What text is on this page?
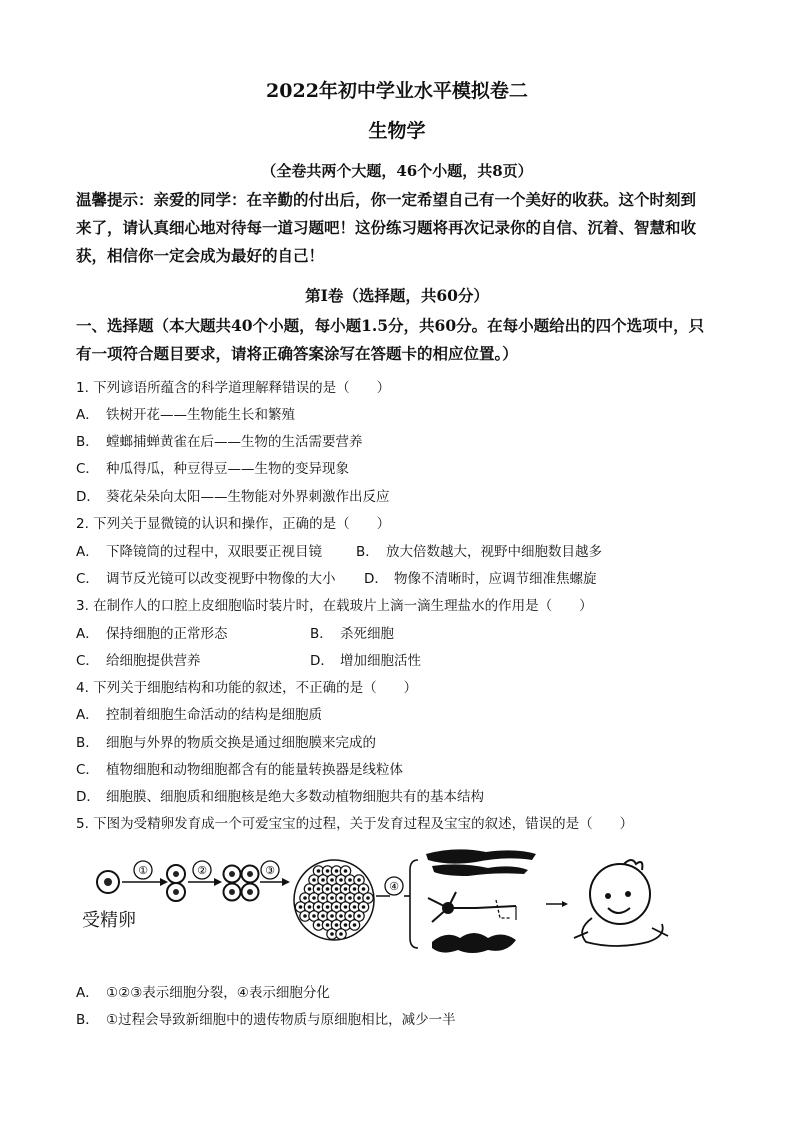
2022年初中学业水平模拟卷二
生物学
（全卷共两个大题，46个小题，共8页）
温馨提示：亲爱的同学：在辛勤的付出后，你一定希望自己有一个美好的收获。这个时刻到来了，请认真细心地对待每一道习题吧！这份练习题将再次记录你的自信、沉着、智慧和收获，相信你一定会成为最好的自己！
第Ⅰ卷（选择题，共60分）
一、选择题（本大题共40个小题，每小题1.5分，共60分。在每小题给出的四个选项中，只有一项符合题目要求，请将正确答案涂写在答题卡的相应位置。）
1. 下列谚语所蕴含的科学道理解释错误的是（　　）
A． 铁树开花——生物能生长和繁殖
B． 螳螂捕蝉黄雀在后——生物的生活需要营养
C． 种瓜得瓜，种豆得豆——生物的变异现象
D． 葵花朵朵向太阳——生物能对外界刺激作出反应
2. 下列关于显微镜的认识和操作，正确的是（　　）
A． 下降镜筒的过程中，双眼要正视目镜	B． 放大倍数越大，视野中细胞数目越多
C． 调节反光镜可以改变视野中物像的大小 D． 物像不清晰时，应调节细准焦螺旋
3. 在制作人的口腔上皮细胞临时装片时，在载玻片上滴一滴生理盐水的作用是（　　）
A． 保持细胞的正常形态	B． 杀死细胞
C． 给细胞提供营养	D． 增加细胞活性
4. 下列关于细胞结构和功能的叙述，不正确的是（　　）
A． 控制着细胞生命活动的结构是细胞质
B． 细胞与外界的物质交换是通过细胞膜来完成的
C． 植物细胞和动物细胞都含有的能量转换器是线粒体
D． 细胞膜、细胞质和细胞核是绝大多数动植物细胞共有的基本结构
5. 下图为受精卵发育成一个可爱宝宝的过程，关于发育过程及宝宝的叙述，错误的是（　　）
受精卵
①	②	③
④
A． ①②③表示细胞分裂，④表示细胞分化
B． ①过程会导致新细胞中的遗传物质与原细胞相比，减少一半
